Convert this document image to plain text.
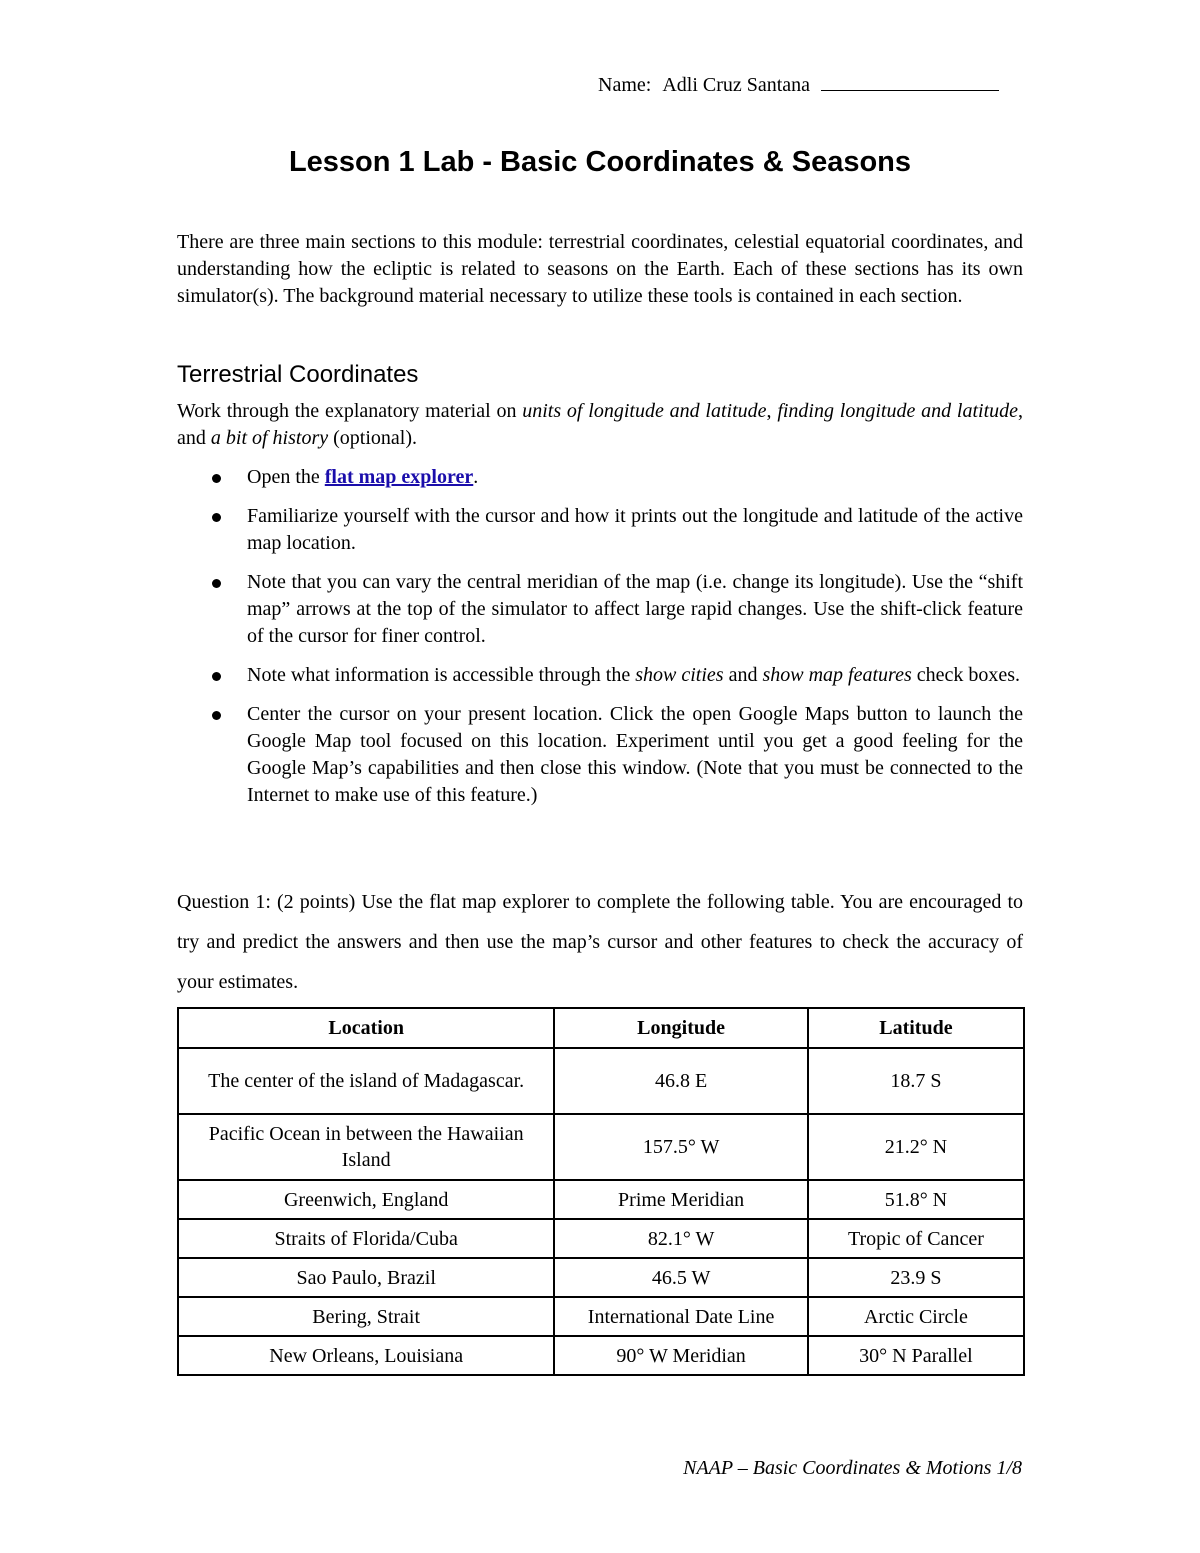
Name: Adli Cruz Santana
Lesson 1 Lab - Basic Coordinates & Seasons

There are three main sections to this module: terrestrial coordinates, celestial equatorial coordinates, and understanding how the ecliptic is related to seasons on the Earth. Each of these sections has its own simulator(s). The background material necessary to utilize these tools is contained in each section.

Terrestrial Coordinates

Work through the explanatory material on units of longitude and latitude, finding longitude and latitude, and a bit of history (optional).

Open the flat map explorer.
Familiarize yourself with the cursor and how it prints out the longitude and latitude of the active map location.
Note that you can vary the central meridian of the map (i.e. change its longitude). Use the “shift map” arrows at the top of the simulator to affect large rapid changes. Use the shift-click feature of the cursor for finer control.
Note what information is accessible through the show cities and show map features check boxes.
Center the cursor on your present location. Click the open Google Maps button to launch the Google Map tool focused on this location. Experiment until you get a good feeling for the Google Map’s capabilities and then close this window. (Note that you must be connected to the Internet to make use of this feature.)

Question 1: (2 points) Use the flat map explorer to complete the following table. You are encouraged to try and predict the answers and then use the map’s cursor and other features to check the accuracy of your estimates.

Location	Longitude	Latitude
The center of the island of Madagascar.	46.8 E	18.7 S
Pacific Ocean in between the Hawaiian Island	157.5° W	21.2° N
Greenwich, England	Prime Meridian	51.8° N
Straits of Florida/Cuba	82.1° W	Tropic of Cancer
Sao Paulo, Brazil	46.5 W	23.9 S
Bering, Strait	International Date Line	Arctic Circle
New Orleans, Louisiana	90° W Meridian	30° N Parallel
NAAP – Basic Coordinates & Motions 1/8
